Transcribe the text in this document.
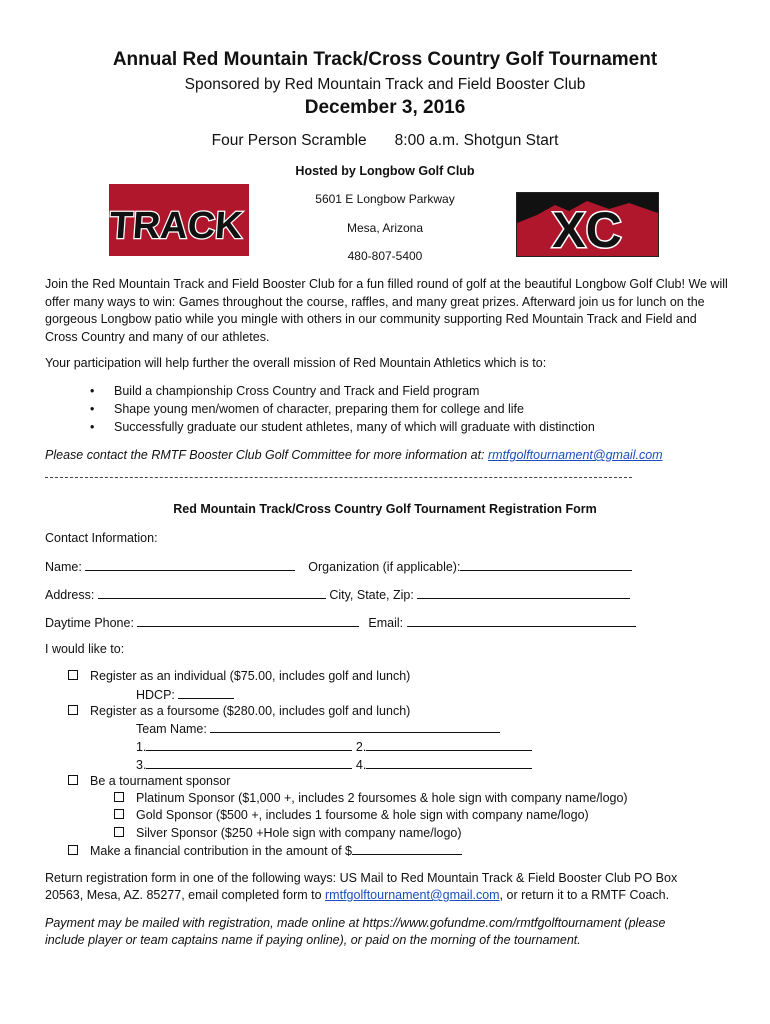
Annual Red Mountain Track/Cross Country Golf Tournament
Sponsored by Red Mountain Track and Field Booster Club
December 3, 2016
Four Person Scramble 8:00 a.m. Shotgun Start
Hosted by Longbow Golf Club
5601 E Longbow Parkway
Mesa, Arizona
480-807-5400
TRACK	XC
Join the Red Mountain Track and Field Booster Club for a fun filled round of golf at the beautiful Longbow Golf Club! We will offer many ways to win: Games throughout the course, raffles, and many great prizes. Afterward join us for lunch on the gorgeous Longbow patio while you mingle with others in our community supporting Red Mountain Track and Field and Cross Country and many of our athletes.
Your participation will help further the overall mission of Red Mountain Athletics which is to:
• Build a championship Cross Country and Track and Field program
• Shape young men/women of character, preparing them for college and life
• Successfully graduate our student athletes, many of which will graduate with distinction
Please contact the RMTF Booster Club Golf Committee for more information at: rmtfgolftournament@gmail.com
Red Mountain Track/Cross Country Golf Tournament Registration Form
Contact Information:
Name:	Organization (if applicable):
Address:	City, State, Zip:
Daytime Phone:	Email:
I would like to:
Register as an individual ($75.00, includes golf and lunch)
HDCP:
Register as a foursome ($280.00, includes golf and lunch)
Team Name:
1.	2.
3.	4.
Be a tournament sponsor
Platinum Sponsor ($1,000 +, includes 2 foursomes & hole sign with company name/logo)
Gold Sponsor ($500 +, includes 1 foursome & hole sign with company name/logo)
Silver Sponsor ($250 +Hole sign with company name/logo)
Make a financial contribution in the amount of $
Return registration form in one of the following ways: US Mail to Red Mountain Track & Field Booster Club PO Box
20563, Mesa, AZ. 85277, email completed form to rmtfgolftournament@gmail.com, or return it to a RMTF Coach.
Payment may be mailed with registration, made online at https://www.gofundme.com/rmtfgolftournament (please
include player or team captains name if paying online), or paid on the morning of the tournament.
